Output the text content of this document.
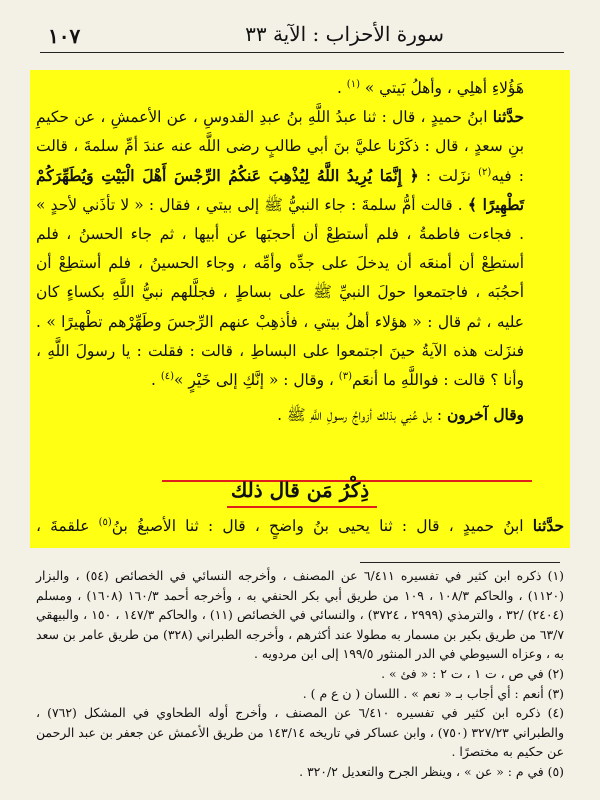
١٠٧	سورة الأحزاب : الآية ٣٣

هَؤُلاءِ أهلِي ، وأهلُ بَيتي » $^{(١)}$ .

حدَّثنا ابنُ حميدٍ ، قال : ثنا عبدُ اللَّهِ بنُ عبدِ القدوسِ ، عن الأعمشِ ، عن حكيمِ بنِ سعدٍ ، قال : ذكَرْنا عليَّ بنَ أبي طالبٍ رضى اللَّه عنه عندَ أمِّ سلمةَ ، قالت : فيه$^{(٢)}$ نزَلت : ﴿ إِنَّمَا يُرِيدُ اللَّهُ لِيُذْهِبَ عَنكُمُ الرِّجْسَ أَهْلَ الْبَيْتِ وَيُطَهِّرَكُمْ تَطْهِيرًا ﴾ . قالت أمُّ سلمةَ : جاء النبيُّ ﷺ إلى بيتي ، فقال : « لا تأذَني لأحدٍ » . فجاءت فاطمةُ ، فلم أستطِعْ أن أحجبَها عن أبيها ، ثم جاء الحسنُ ، فلم أستطِعْ أن أمنعَه أن يدخلَ على جدِّه وأمِّه ، وجاء الحسينُ ، فلم أستطِعْ أن أحجُبَه ، فاجتمعوا حولَ النبيِّ ﷺ على بساطٍ ، فجلَّلهم نبيُّ اللَّهِ بكساءٍ كان عليه ، ثم قال : « هؤلاء أهلُ بيتي ، فأذهِبْ عنهم الرِّجسَ وطَهِّرْهم تطْهيرًا » . فنزَلت هذه الآيةُ حينَ اجتمعوا على البساطِ ، قالت : فقلت : يا رسولَ اللَّهِ ، وأنا ؟ قالت : فواللَّهِ ما أنعَم$^{(٣)}$ ، وقال : « إنَّكِ إلى خَيْرٍ »$^{(٤)}$ .

وقال آخرون : بل عُنِي بذلك أزواجُ رسولِ اللَّهِ ﷺ .

ذِكْرُ مَن قال ذلك
حدَّثنا ابنُ حميدٍ ، قال : ثنا يحيى بنُ واضحٍ ، قال : ثنا الأصبغُ بنُ$^{(٥)}$ علقمةَ ،

(١) ذكره ابن كثير في تفسيره ٦/٤١١ عن المصنف ، وأخرجه النسائي في الخصائص (٥٤) ، والبزار (١١٢٠) ، والحاكم ١٠٨/٣ ، ١٠٩ من طريق أبي بكر الحنفي به ، وأخرجه أحمد ١٦٠/٣ (١٦٠٨) ، ومسلم (٢٤٠٤) /٣٢ ، والترمذي (٢٩٩٩ ، ٣٧٢٤) ، والنسائي في الخصائص (١١) ، والحاكم ١٤٧/٣ ، ١٥٠ ، والبيهقي ٦٣/٧ من طريق بكير بن مسمار به مطولا عند أكثرهم ، وأخرجه الطبراني (٣٢٨) من طريق عامر بن سعد به ، وعزاه السيوطي في الدر المنثور ١٩٩/٥ إلى ابن مردويه .

(٢) في ص ، ت ١ ، ت ٢ : « فئ » .

(٣) أنعم : أي أجاب بـ « نعم » . اللسان ( ن ع م ) .

(٤) ذكره ابن كثير في تفسيره ٦/٤١٠ عن المصنف ، وأخرج أوله الطحاوي في المشكل (٧٦٢) ، والطبراني ٣٢٧/٢٣ (٧٥٠) ، وابن عساكر في تاريخه ١٤٣/١٤ من طريق الأعمش عن جعفر بن عبد الرحمن عن حكيم به مختصرًا .

(٥) في م : « عن » ، وينظر الجرح والتعديل ٣٢٠/٢ .
